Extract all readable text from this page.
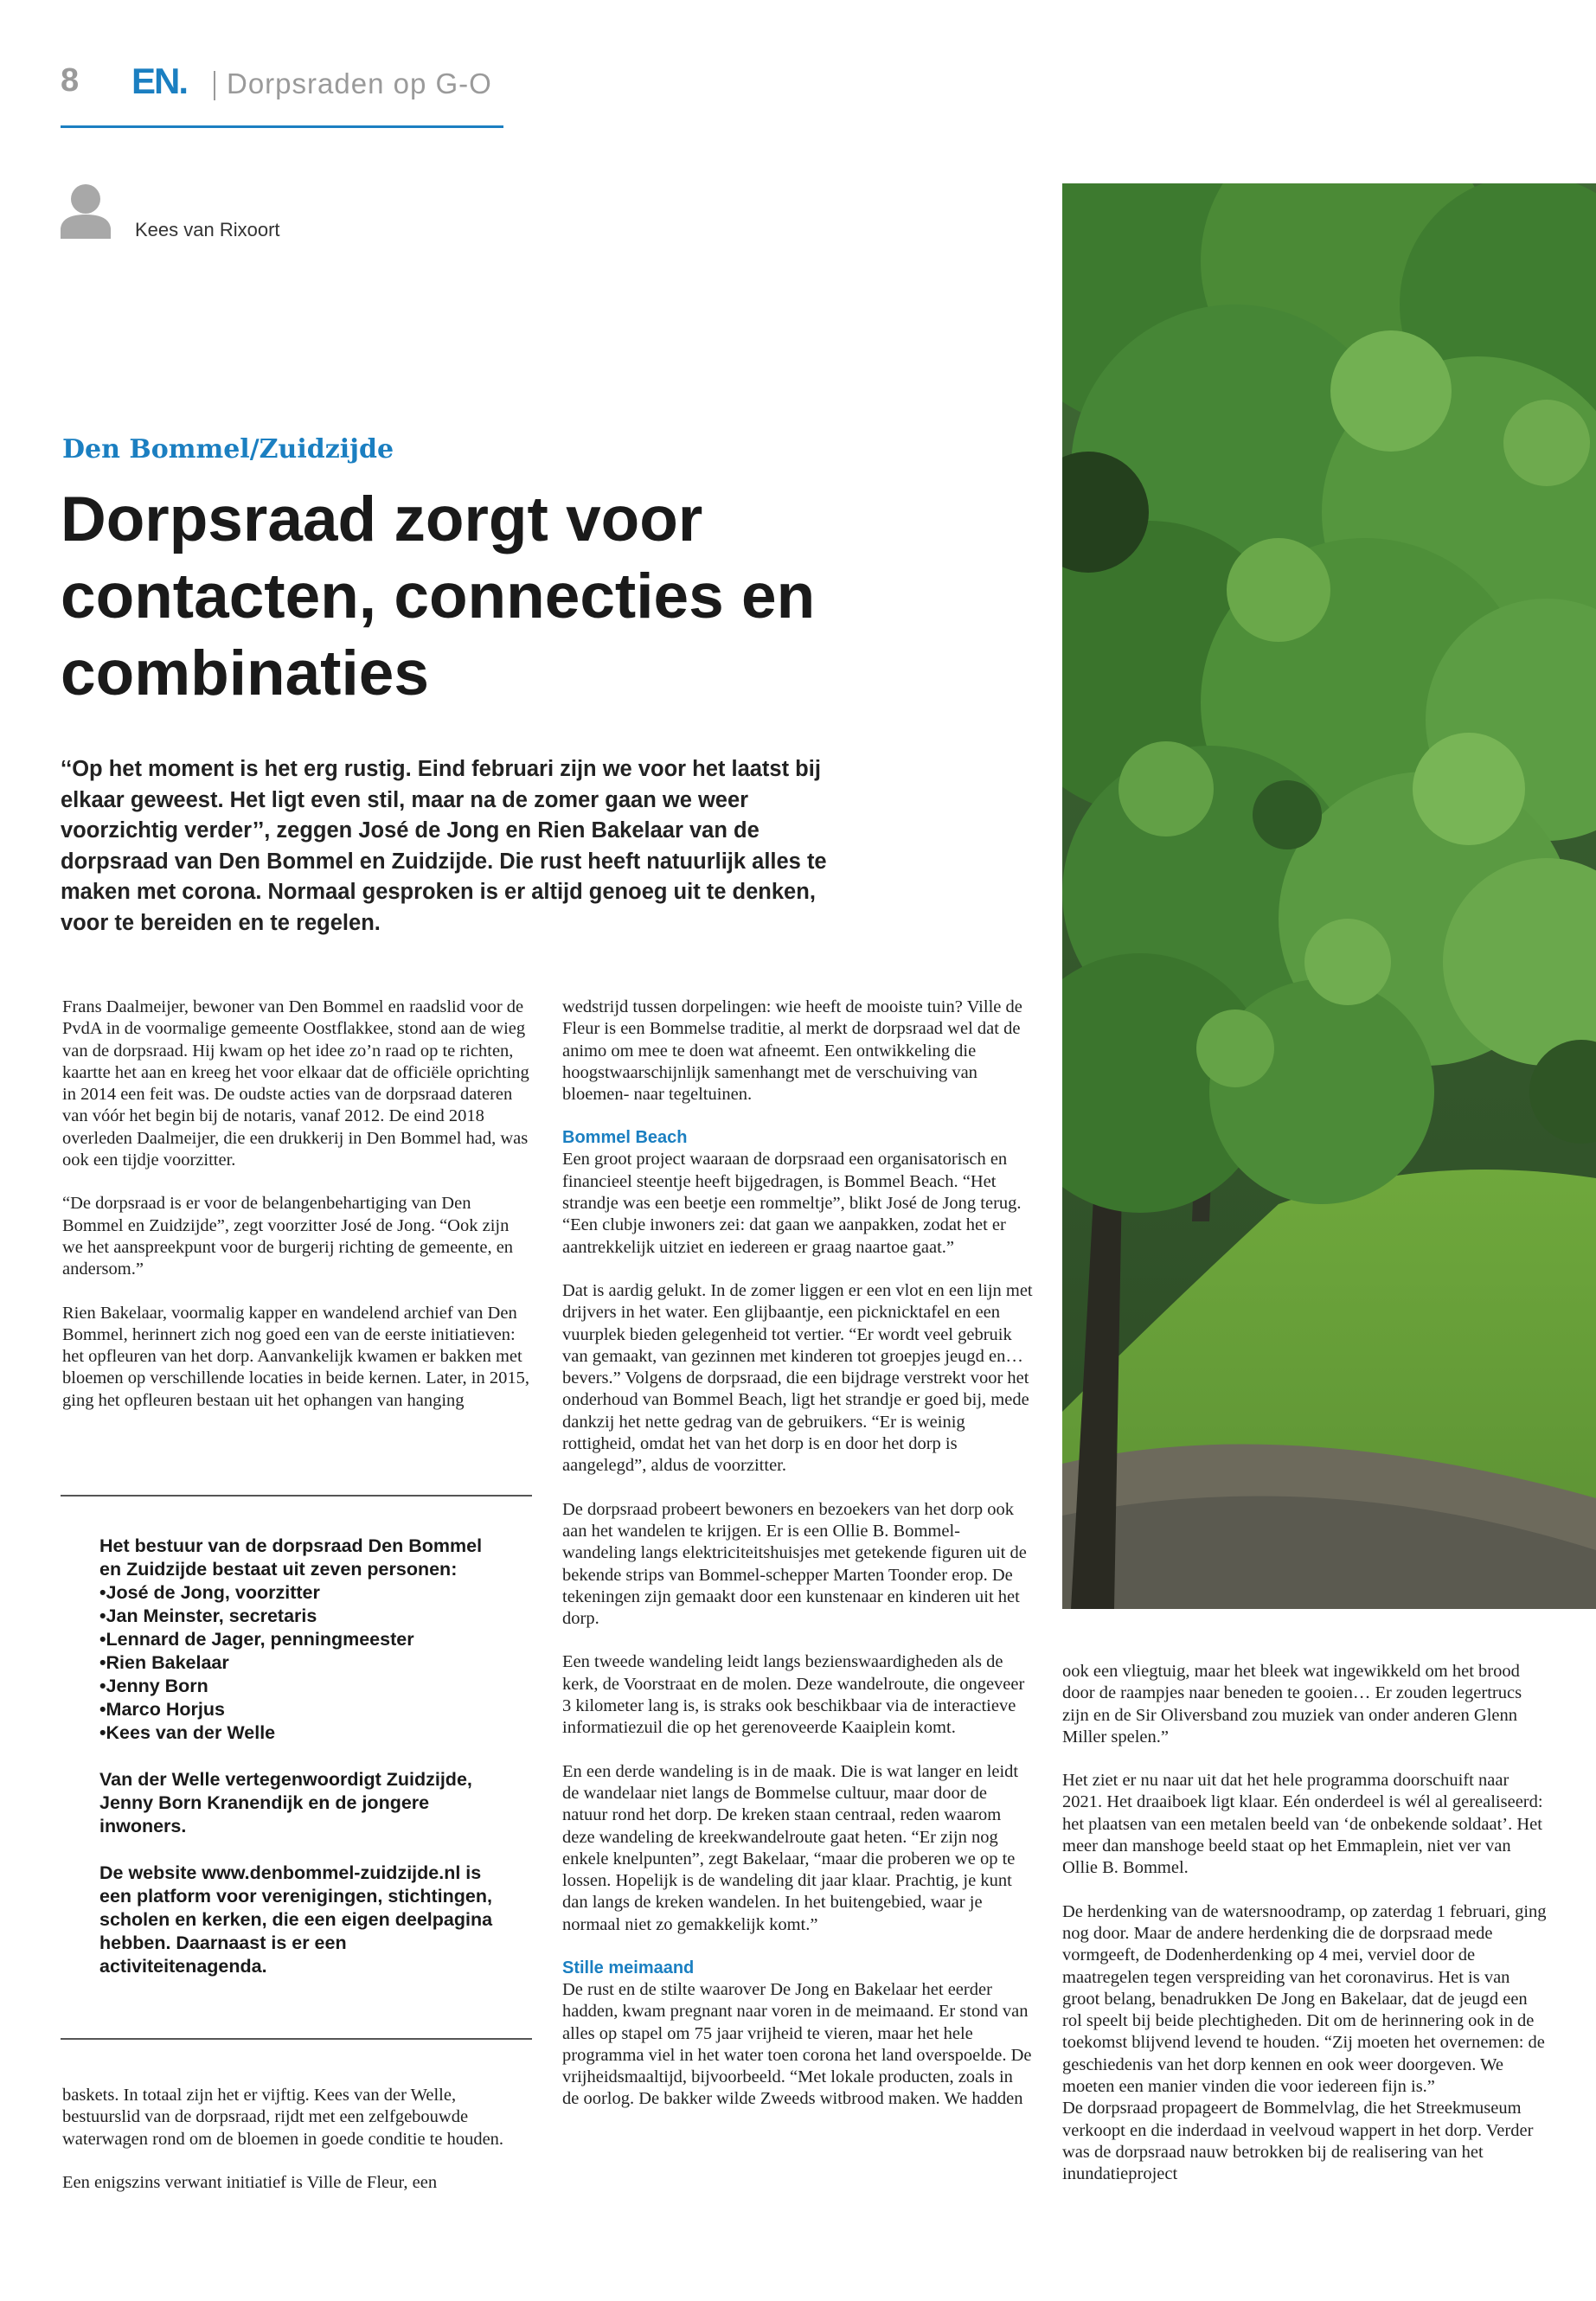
8 EN. Dorpsraden op G-O
Kees van Rixoort
Den Bommel/Zuidzijde
Dorpsraad zorgt voor contacten, connecties en combinaties

‘‘Op het moment is het erg rustig. Eind februari zijn we voor het laatst bij elkaar geweest. Het ligt even stil, maar na de zomer gaan we weer voorzichtig verder’’, zeggen José de Jong en Rien Bakelaar van de dorpsraad van Den Bommel en Zuidzijde. Die rust heeft natuurlijk alles te maken met corona. Normaal gesproken is er altijd genoeg uit te denken, voor te bereiden en te regelen.

Frans Daalmeijer, bewoner van Den Bommel en raadslid voor de PvdA in de voormalige gemeente Oostflakkee, stond aan de wieg van de dorpsraad. Hij kwam op het idee zo’n raad op te richten, kaartte het aan en kreeg het voor elkaar dat de officiële oprichting in 2014 een feit was. De oudste acties van de dorpsraad dateren van vóór het begin bij de notaris, vanaf 2012. De eind 2018 overleden Daalmeijer, die een drukkerij in Den Bommel had, was ook een tijdje voorzitter.

“De dorpsraad is er voor de belangenbehartiging van Den Bommel en Zuidzijde”, zegt voorzitter José de Jong. “Ook zijn we het aanspreekpunt voor de burgerij richting de gemeente, en andersom.”

Rien Bakelaar, voormalig kapper en wandelend archief van Den Bommel, herinnert zich nog goed een van de eerste initiatieven: het opfleuren van het dorp. Aanvankelijk kwamen er bakken met bloemen op verschillende locaties in beide kernen. Later, in 2015, ging het opfleuren bestaan uit het ophangen van hanging

Het bestuur van de dorpsraad Den Bommel en Zuidzijde bestaat uit zeven personen:

• José de Jong, voorzitter
• Jan Meinster, secretaris
• Lennard de Jager, penningmeester
• Rien Bakelaar
• Jenny Born
• Marco Horjus
• Kees van der Welle

Van der Welle vertegenwoordigt Zuidzijde, Jenny Born Kranendijk en de jongere inwoners.

De website www.denbommel-zuidzijde.nl is een platform voor verenigingen, stichtingen, scholen en kerken, die een eigen deelpagina hebben. Daarnaast is er een activiteitenagenda.

baskets. In totaal zijn het er vijftig. Kees van der Welle, bestuurslid van de dorpsraad, rijdt met een zelfgebouwde waterwagen rond om de bloemen in goede conditie te houden.

Een enigszins verwant initiatief is Ville de Fleur, een

wedstrijd tussen dorpelingen: wie heeft de mooiste tuin? Ville de Fleur is een Bommelse traditie, al merkt de dorpsraad wel dat de animo om mee te doen wat afneemt. Een ontwikkeling die hoogstwaarschijnlijk samenhangt met de verschuiving van bloemen- naar tegeltuinen.

Bommel Beach

Een groot project waaraan de dorpsraad een organisatorisch en financieel steentje heeft bijgedragen, is Bommel Beach. “Het strandje was een beetje een rommeltje”, blikt José de Jong terug. “Een clubje inwoners zei: dat gaan we aanpakken, zodat het er aantrekkelijk uitziet en iedereen er graag naartoe gaat.”

Dat is aardig gelukt. In de zomer liggen er een vlot en een lijn met drijvers in het water. Een glijbaantje, een picknicktafel en een vuurplek bieden gelegenheid tot vertier. “Er wordt veel gebruik van gemaakt, van gezinnen met kinderen tot groepjes jeugd en… bevers.” Volgens de dorpsraad, die een bijdrage verstrekt voor het onderhoud van Bommel Beach, ligt het strandje er goed bij, mede dankzij het nette gedrag van de gebruikers. “Er is weinig rottigheid, omdat het van het dorp is en door het dorp is aangelegd”, aldus de voorzitter.

De dorpsraad probeert bewoners en bezoekers van het dorp ook aan het wandelen te krijgen. Er is een Ollie B. Bommel-wandeling langs elektriciteitshuisjes met getekende figuren uit de bekende strips van Bommel-schepper Marten Toonder erop. De tekeningen zijn gemaakt door een kunstenaar en kinderen uit het dorp.

Een tweede wandeling leidt langs bezienswaardigheden als de kerk, de Voorstraat en de molen. Deze wandelroute, die ongeveer 3 kilometer lang is, is straks ook beschikbaar via de interactieve informatiezuil die op het gerenoveerde Kaaiplein komt.

En een derde wandeling is in de maak. Die is wat langer en leidt de wandelaar niet langs de Bommelse cultuur, maar door de natuur rond het dorp. De kreken staan centraal, reden waarom deze wandeling de kreekwandelroute gaat heten. “Er zijn nog enkele knelpunten”, zegt Bakelaar, “maar die proberen we op te lossen. Hopelijk is de wandeling dit jaar klaar. Prachtig, je kunt dan langs de kreken wandelen. In het buitengebied, waar je normaal niet zo gemakkelijk komt.”

Stille meimaand

De rust en de stilte waarover De Jong en Bakelaar het eerder hadden, kwam pregnant naar voren in de meimaand. Er stond van alles op stapel om 75 jaar vrijheid te vieren, maar het hele programma viel in het water toen corona het land overspoelde. De vrijheidsmaaltijd, bijvoorbeeld. “Met lokale producten, zoals in de oorlog. De bakker wilde Zweeds witbrood maken. We hadden

ook een vliegtuig, maar het bleek wat ingewikkeld om het brood door de raampjes naar beneden te gooien… Er zouden legertrucs zijn en de Sir Oliversband zou muziek van onder anderen Glenn Miller spelen.”

Het ziet er nu naar uit dat het hele programma doorschuift naar 2021. Het draaiboek ligt klaar. Eén onderdeel is wél al gerealiseerd: het plaatsen van een metalen beeld van ‘de onbekende soldaat’. Het meer dan manshoge beeld staat op het Emmaplein, niet ver van Ollie B. Bommel.

De herdenking van de watersnoodramp, op zaterdag 1 februari, ging nog door. Maar de andere herdenking die de dorpsraad mede vormgeeft, de Dodenherdenking op 4 mei, verviel door de maatregelen tegen verspreiding van het coronavirus. Het is van groot belang, benadrukken De Jong en Bakelaar, dat de jeugd een rol speelt bij beide plechtigheden. Dit om de herinnering ook in de toekomst blijvend levend te houden. “Zij moeten het overnemen: de geschiedenis van het dorp kennen en ook weer doorgeven. We moeten een manier vinden die voor iedereen fijn is.”

De dorpsraad propageert de Bommelvlag, die het Streekmuseum verkoopt en die inderdaad in veelvoud wappert in het dorp. Verder was de dorpsraad nauw betrokken bij de realisering van het inundatieproject
